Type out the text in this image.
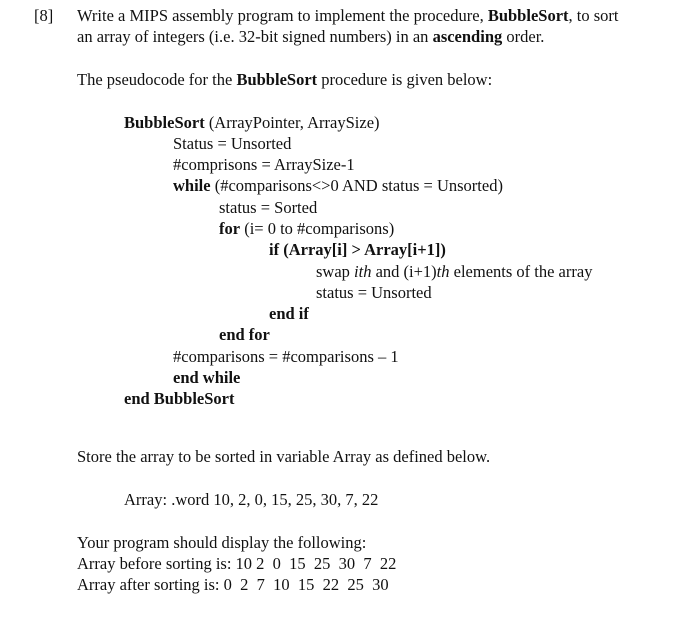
[8] Write a MIPS assembly program to implement the procedure, BubbleSort, to sort
an array of integers (i.e. 32-bit signed numbers) in an ascending order.
The pseudocode for the BubbleSort procedure is given below:
BubbleSort (ArrayPointer, ArraySize)
Status = Unsorted
#comprisons = ArraySize-1
while (#comparisons<>0 AND status = Unsorted)
status = Sorted
for (i= 0 to #comparisons)
if (Array[i] > Array[i+1])
swap ith and (i+1)th elements of the array
status = Unsorted
end if
end for
#comparisons = #comparisons – 1
end while
end BubbleSort
Store the array to be sorted in variable Array as defined below.
Array: .word 10, 2, 0, 15, 25, 30, 7, 22
Your program should display the following:
Array before sorting is: 10 2  0  15  25  30  7  22
Array after sorting is: 0  2  7  10  15  22  25  30
